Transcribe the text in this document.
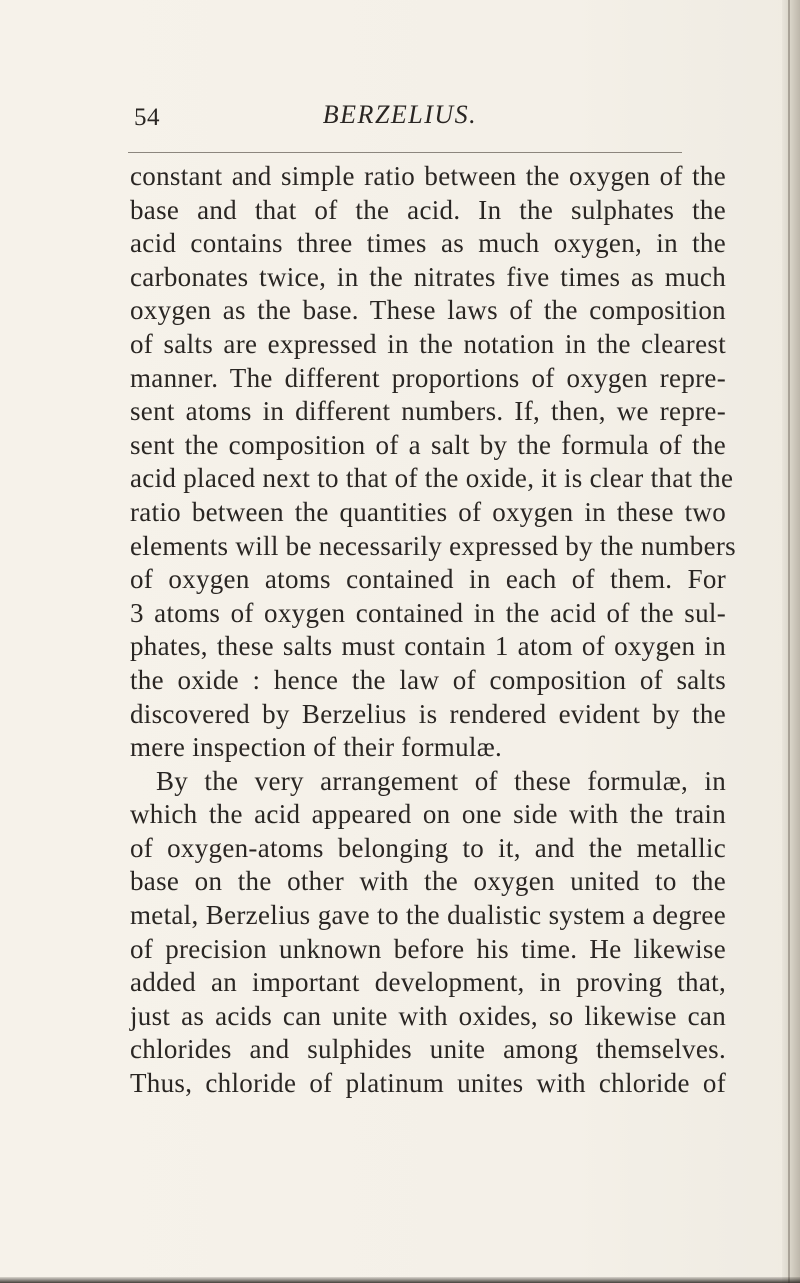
54	BERZELIUS.
constant and simple ratio between the oxygen of the
base and that of the acid. In the sulphates the
acid contains three times as much oxygen, in the
carbonates twice, in the nitrates five times as much
oxygen as the base. These laws of the composition
of salts are expressed in the notation in the clearest
manner. The different proportions of oxygen repre-
sent atoms in different numbers. If, then, we repre-
sent the composition of a salt by the formula of the
acid placed next to that of the oxide, it is clear that the
ratio between the quantities of oxygen in these two
elements will be necessarily expressed by the numbers
of oxygen atoms contained in each of them. For
3 atoms of oxygen contained in the acid of the sul-
phates, these salts must contain 1 atom of oxygen in
the oxide : hence the law of composition of salts
discovered by Berzelius is rendered evident by the
mere inspection of their formulæ.
By the very arrangement of these formulæ, in
which the acid appeared on one side with the train
of oxygen-atoms belonging to it, and the metallic
base on the other with the oxygen united to the
metal, Berzelius gave to the dualistic system a degree
of precision unknown before his time. He likewise
added an important development, in proving that,
just as acids can unite with oxides, so likewise can
chlorides and sulphides unite among themselves.
Thus, chloride of platinum unites with chloride of
